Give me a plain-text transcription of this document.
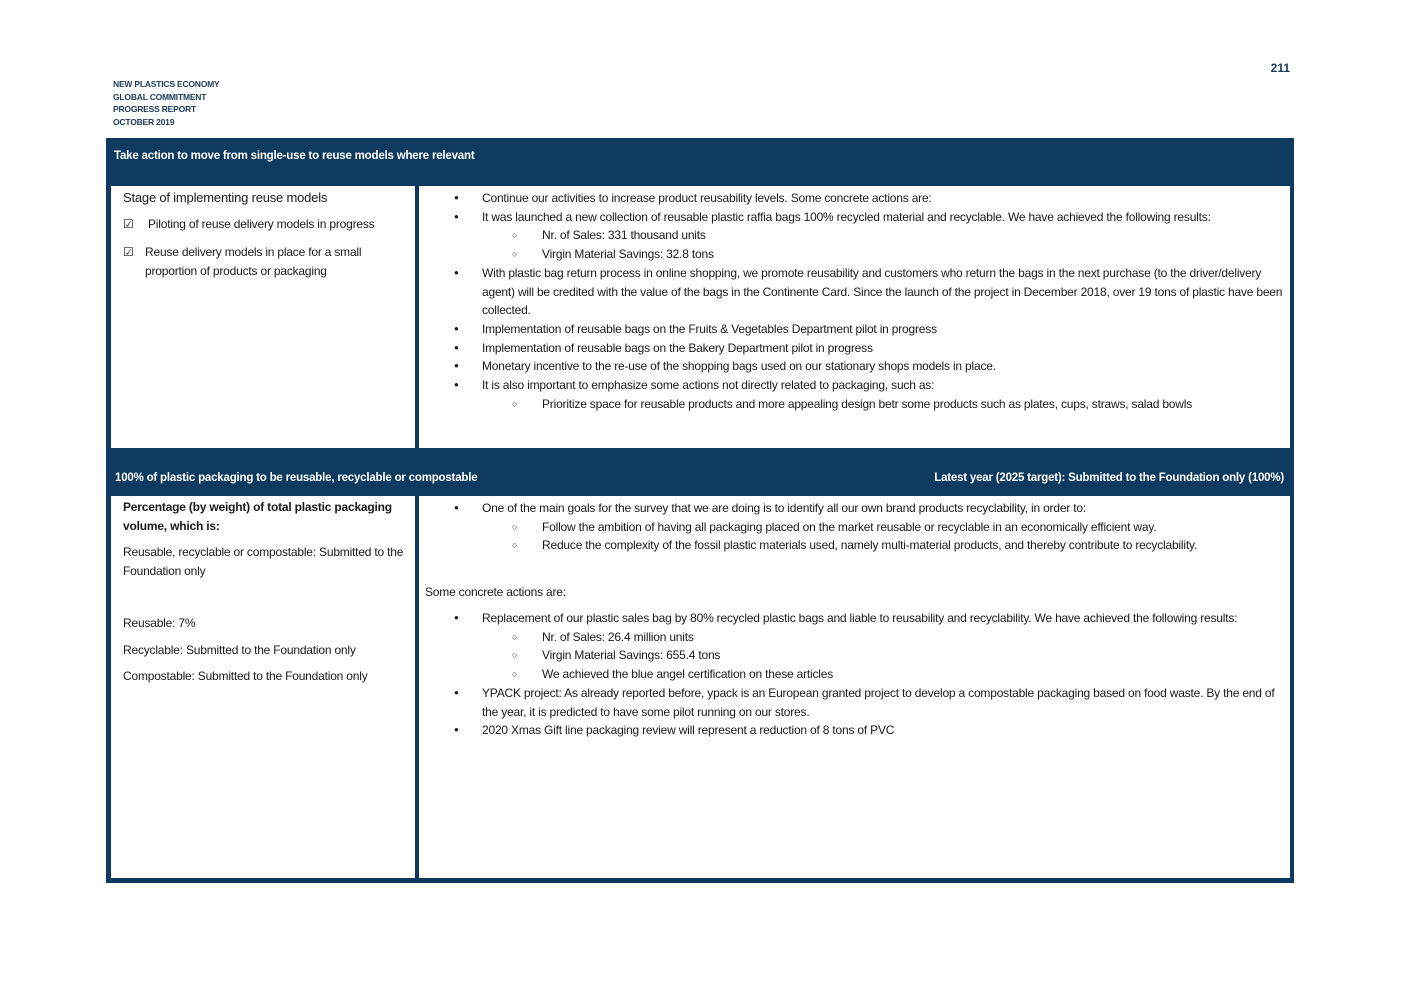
211
NEW PLASTICS ECONOMY
GLOBAL COMMITMENT
PROGRESS REPORT
OCTOBER 2019
Take action to move from single-use to reuse models where relevant
Stage of implementing reuse models
☑	Piloting of reuse delivery models in progress
☑ Reuse delivery models in place for a small proportion of products or packaging
● Continue our activities to increase product reusability levels. Some concrete actions are:
● It was launched a new collection of reusable plastic raffia bags 100% recycled material and recyclable. We have achieved the following results:
○ Nr. of Sales: 331 thousand units
○ Virgin Material Savings: 32.8 tons
● With plastic bag return process in online shopping, we promote reusability and customers who return the bags in the next purchase (to the driver/delivery agent) will be credited with the value of the bags in the Continente Card. Since the launch of the project in December 2018, over 19 tons of plastic have been collected.
● Implementation of reusable bags on the Fruits & Vegetables Department pilot in progress
● Implementation of reusable bags on the Bakery Department pilot in progress
● Monetary incentive to the re-use of the shopping bags used on our stationary shops models in place.
● It is also important to emphasize some actions not directly related to packaging, such as:
○ Prioritize space for reusable products and more appealing design betr some products such as plates, cups, straws, salad bowls
100% of plastic packaging to be reusable, recyclable or compostable	Latest year (2025 target): Submitted to the Foundation only (100%)
Percentage (by weight) of total plastic packaging volume, which is:
Reusable, recyclable or compostable: Submitted to the Foundation only
Reusable: 7%
Recyclable: Submitted to the Foundation only
Compostable: Submitted to the Foundation only
● One of the main goals for the survey that we are doing is to identify all our own brand products recyclability, in order to:
○ Follow the ambition of having all packaging placed on the market reusable or recyclable in an economically efficient way.
○ Reduce the complexity of the fossil plastic materials used, namely multi-material products, and thereby contribute to recyclability.
Some concrete actions are:
● Replacement of our plastic sales bag by 80% recycled plastic bags and liable to reusability and recyclability. We have achieved the following results:
○ Nr. of Sales: 26.4 million units
○ Virgin Material Savings: 655.4 tons
○ We achieved the blue angel certification on these articles
● YPACK project: As already reported before, ypack is an European granted project to develop a compostable packaging based on food waste. By the end of the year, it is predicted to have some pilot running on our stores.
● 2020 Xmas Gift line packaging review will represent a reduction of 8 tons of PVC
